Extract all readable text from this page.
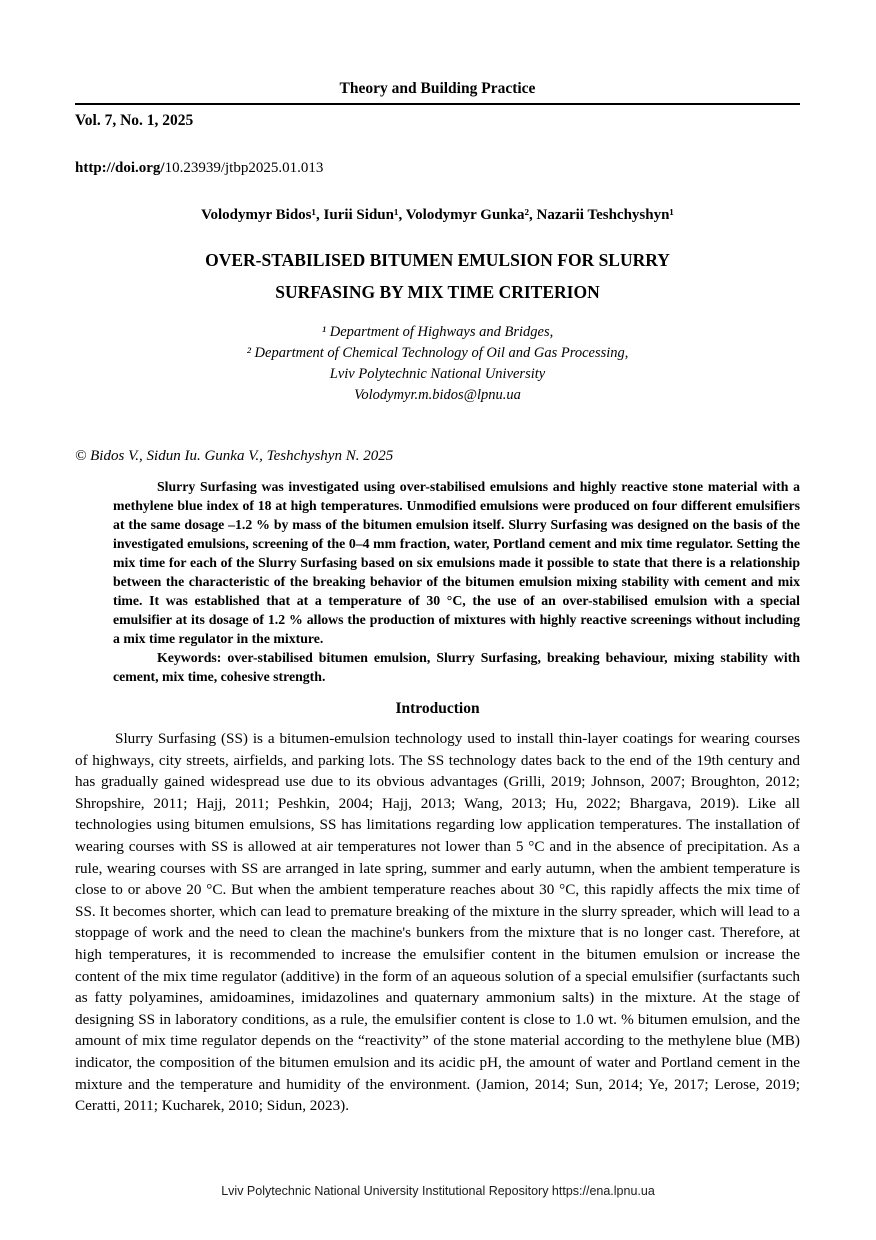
Theory and Building Practice
Vol. 7, No. 1, 2025
http://doi.org/10.23939/jtbp2025.01.013
Volodymyr Bidos¹, Iurii Sidun¹, Volodymyr Gunka², Nazarii Teshchyshyn¹
OVER-STABILISED BITUMEN EMULSION FOR SLURRY
SURFASING BY MIX TIME CRITERION
¹ Department of Highways and Bridges,
² Department of Chemical Technology of Oil and Gas Processing,
Lviv Polytechnic National University
Volodymyr.m.bidos@lpnu.ua
© Bidos V., Sidun Iu. Gunka V., Teshchyshyn N. 2025

Slurry Surfasing was investigated using over-stabilised emulsions and highly reactive stone material with a methylene blue index of 18 at high temperatures. Unmodified emulsions were produced on four different emulsifiers at the same dosage –1.2 % by mass of the bitumen emulsion itself. Slurry Surfasing was designed on the basis of the investigated emulsions, screening of the 0–4 mm fraction, water, Portland cement and mix time regulator. Setting the mix time for each of the Slurry Surfasing based on six emulsions made it possible to state that there is a relationship between the characteristic of the breaking behavior of the bitumen emulsion mixing stability with cement and mix time. It was established that at a temperature of 30 °C, the use of an over-stabilised emulsion with a special emulsifier at its dosage of 1.2 % allows the production of mixtures with highly reactive screenings without including a mix time regulator in the mixture.

Keywords: over-stabilised bitumen emulsion, Slurry Surfasing, breaking behaviour, mixing stability with cement, mix time, cohesive strength.

Introduction

Slurry Surfasing (SS) is a bitumen-emulsion technology used to install thin-layer coatings for wearing courses of highways, city streets, airfields, and parking lots. The SS technology dates back to the end of the 19th century and has gradually gained widespread use due to its obvious advantages (Grilli, 2019; Johnson, 2007; Broughton, 2012; Shropshire, 2011; Hajj, 2011; Peshkin, 2004; Hajj, 2013; Wang, 2013; Hu, 2022; Bhargava, 2019). Like all technologies using bitumen emulsions, SS has limitations regarding low application temperatures. The installation of wearing courses with SS is allowed at air temperatures not lower than 5 °C and in the absence of precipitation. As a rule, wearing courses with SS are arranged in late spring, summer and early autumn, when the ambient temperature is close to or above 20 °C. But when the ambient temperature reaches about 30 °C, this rapidly affects the mix time of SS. It becomes shorter, which can lead to premature breaking of the mixture in the slurry spreader, which will lead to a stoppage of work and the need to clean the machine's bunkers from the mixture that is no longer cast. Therefore, at high temperatures, it is recommended to increase the emulsifier content in the bitumen emulsion or increase the content of the mix time regulator (additive) in the form of an aqueous solution of a special emulsifier (surfactants such as fatty polyamines, amidoamines, imidazolines and quaternary ammonium salts) in the mixture. At the stage of designing SS in laboratory conditions, as a rule, the emulsifier content is close to 1.0 wt. % bitumen emulsion, and the amount of mix time regulator depends on the “reactivity” of the stone material according to the methylene blue (MB) indicator, the composition of the bitumen emulsion and its acidic pH, the amount of water and Portland cement in the mixture and the temperature and humidity of the environment. (Jamion, 2014; Sun, 2014; Ye, 2017; Lerose, 2019; Ceratti, 2011; Kucharek, 2010; Sidun, 2023).

Lviv Polytechnic National University Institutional Repository https://ena.lpnu.ua
